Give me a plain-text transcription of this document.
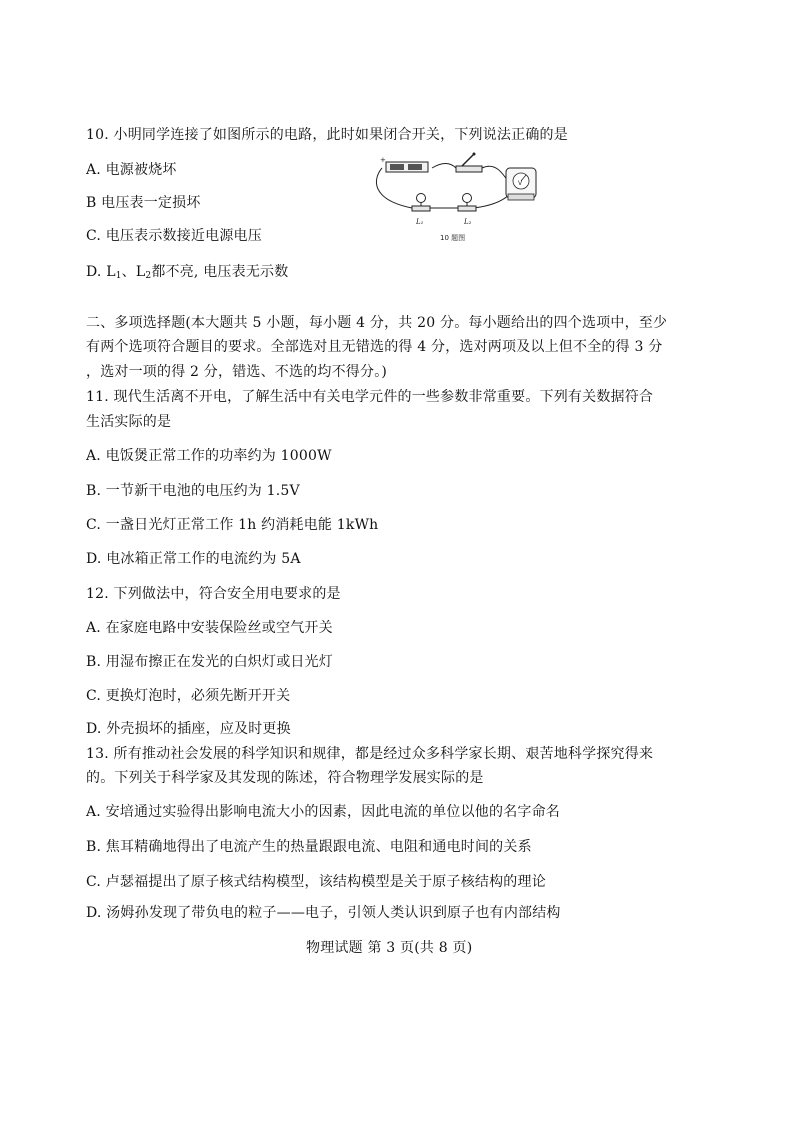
10. 小明同学连接了如图所示的电路，此时如果闭合开关，下列说法正确的是
A. 电源被烧坏
B 电压表一定损坏
C. 电压表示数接近电源电压
D. $L_1$、$L_2$都不亮, 电压表无示数
+
V
L₁	L₂
10 题图
二、多项选择题(本大题共 5 小题，每小题 4 分，共 20 分。每小题给出的四个选项中，至少
有两个选项符合题目的要求。全部选对且无错选的得 4 分，选对两项及以上但不全的得 3 分
，选对一项的得 2 分，错选、不选的均不得分。)
11. 现代生活离不开电，了解生活中有关电学元件的一些参数非常重要。下列有关数据符合
生活实际的是
A. 电饭煲正常工作的功率约为 1000W
B. 一节新干电池的电压约为 1.5V
C. 一盏日光灯正常工作 1h 约消耗电能 1kWh
D. 电冰箱正常工作的电流约为 5A
12. 下列做法中，符合安全用电要求的是
A. 在家庭电路中安装保险丝或空气开关
B. 用湿布擦正在发光的白炽灯或日光灯
C. 更换灯泡时，必须先断开开关
D. 外壳损坏的插座，应及时更换
13. 所有推动社会发展的科学知识和规律，都是经过众多科学家长期、艰苦地科学探究得来
的。下列关于科学家及其发现的陈述，符合物理学发展实际的是
A. 安培通过实验得出影响电流大小的因素，因此电流的单位以他的名字命名
B. 焦耳精确地得出了电流产生的热量跟跟电流、电阻和通电时间的关系
C. 卢瑟福提出了原子核式结构模型，该结构模型是关于原子核结构的理论
D. 汤姆孙发现了带负电的粒子——电子，引领人类认识到原子也有内部结构
物理试题 第 3 页(共 8 页)
